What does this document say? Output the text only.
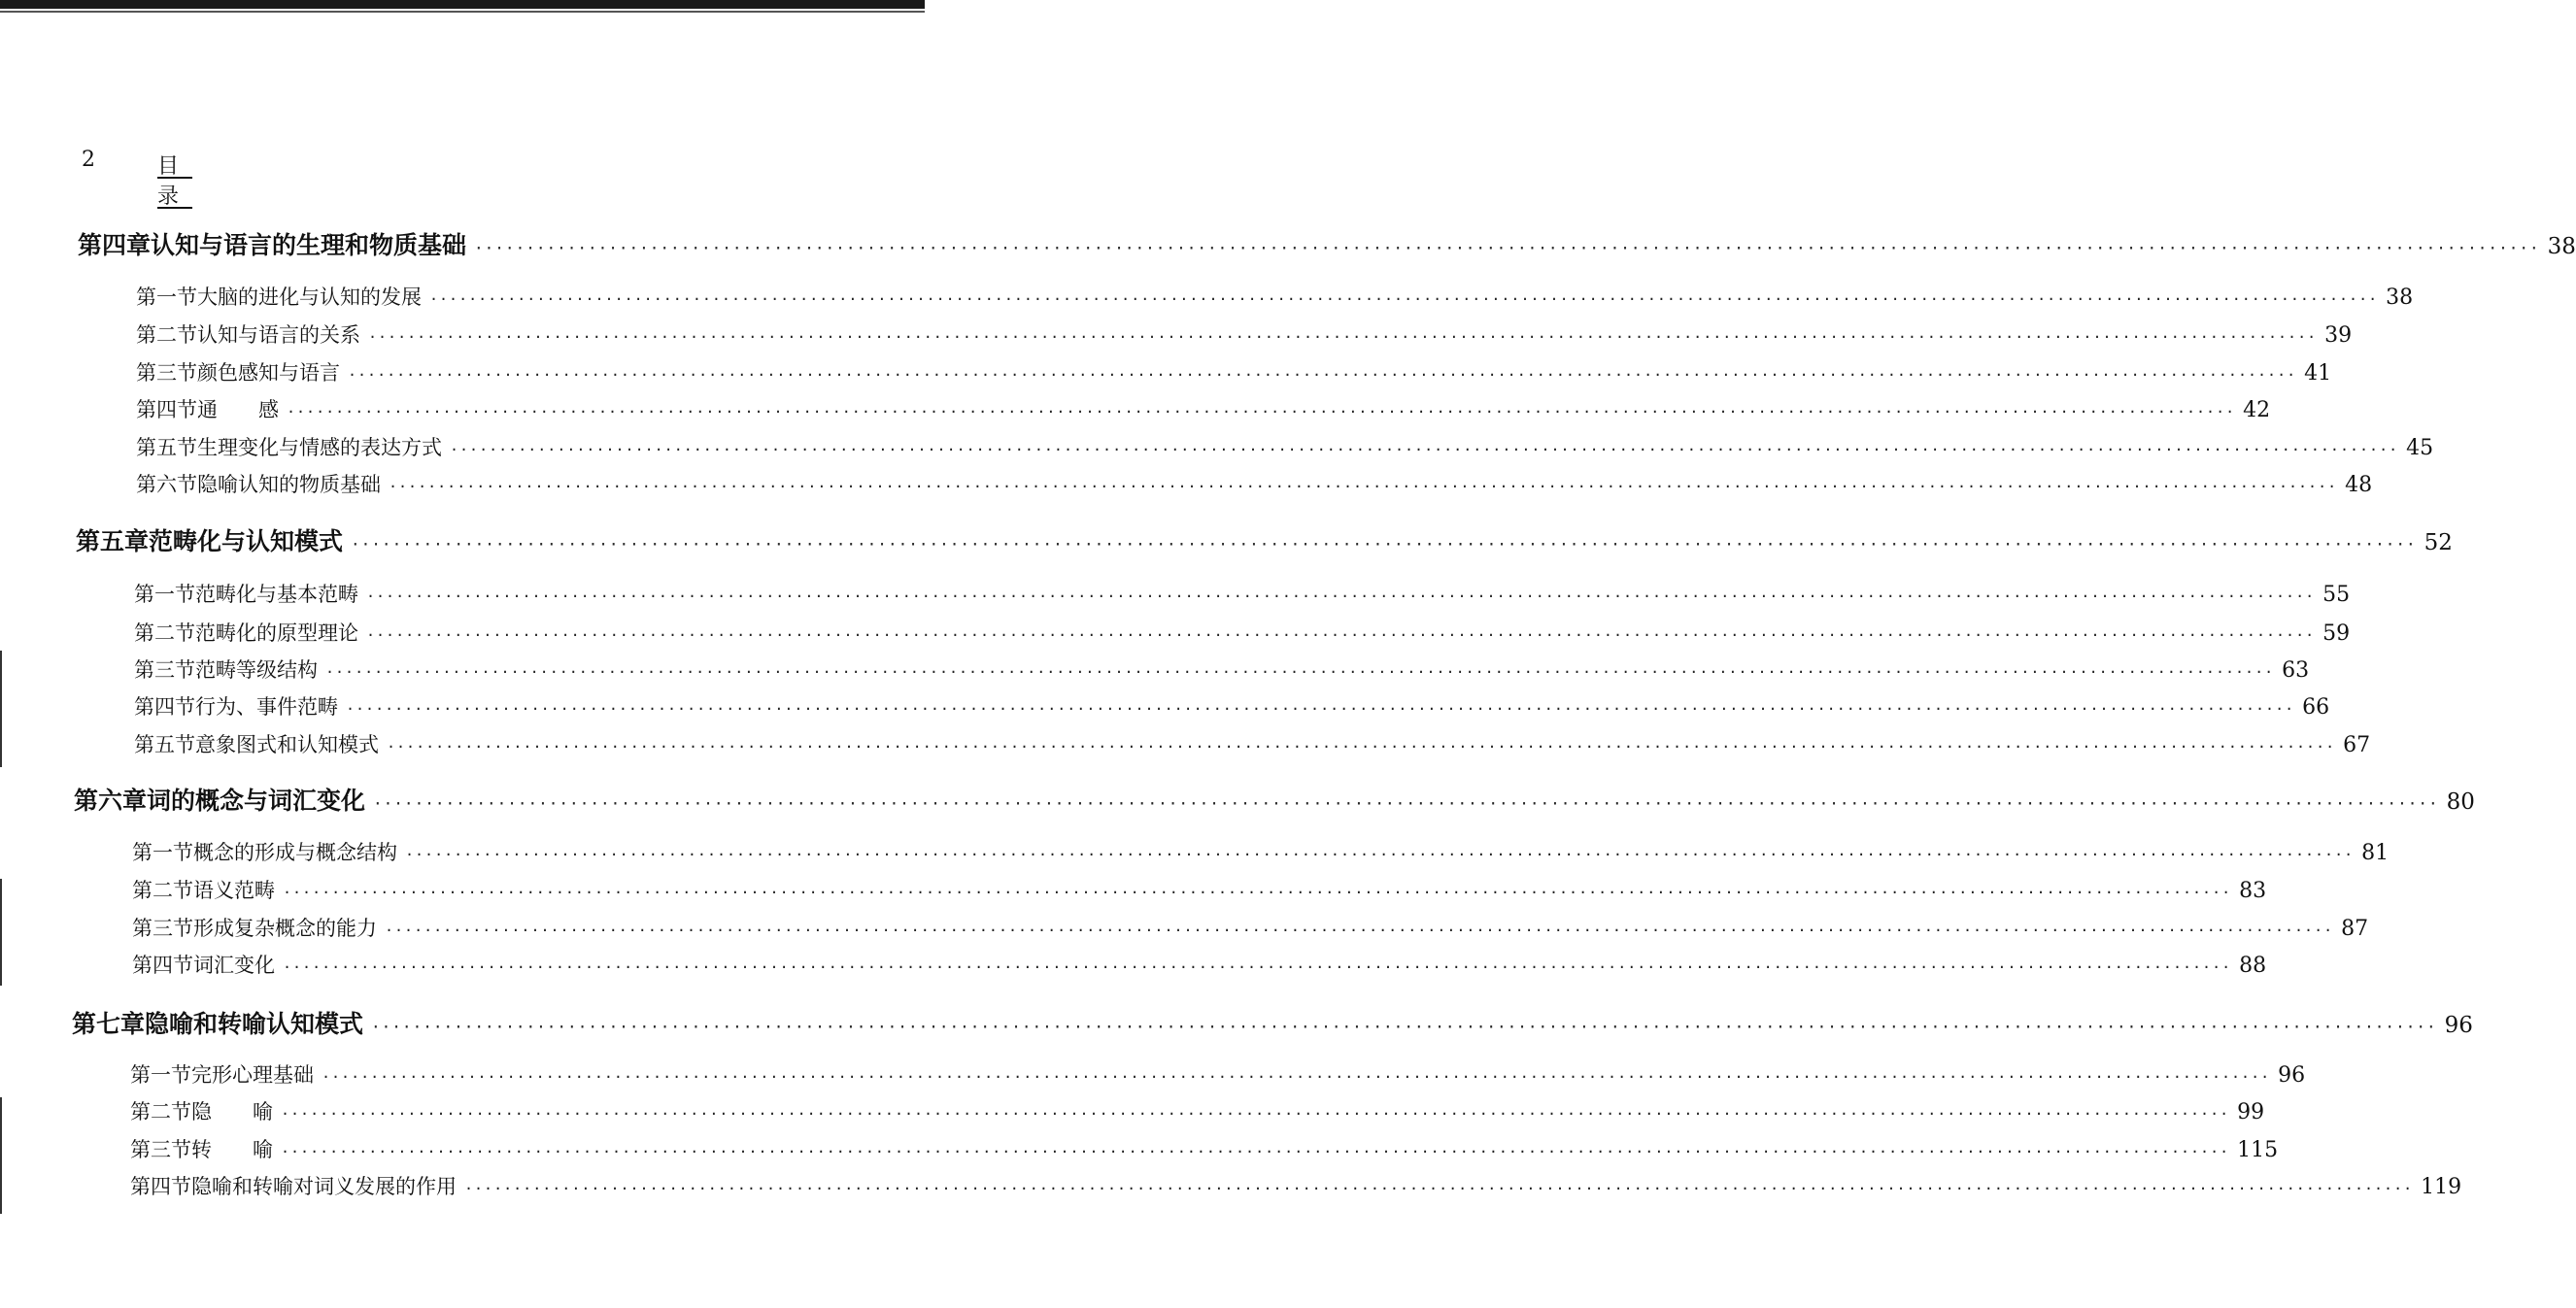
2	目录
第四章 认知与语言的生理和物质基础 ········································································································································································································ 38
第一节 大脑的进化与认知的发展 ········································································································································································································ 38
第二节 认知与语言的关系 ········································································································································································································ 39
第三节 颜色感知与语言 ········································································································································································································ 41
第四节 通　　感 ········································································································································································································ 42
第五节 生理变化与情感的表达方式 ········································································································································································································ 45
第六节 隐喻认知的物质基础 ········································································································································································································ 48
第五章 范畴化与认知模式 ········································································································································································································ 52
第一节 范畴化与基本范畴 ········································································································································································································ 55
第二节 范畴化的原型理论 ········································································································································································································ 59
第三节 范畴等级结构 ········································································································································································································ 63
第四节 行为、事件范畴 ········································································································································································································ 66
第五节 意象图式和认知模式 ········································································································································································································ 67
第六章 词的概念与词汇变化 ········································································································································································································ 80
第一节 概念的形成与概念结构 ········································································································································································································ 81
第二节 语义范畴 ········································································································································································································ 83
第三节 形成复杂概念的能力 ········································································································································································································ 87
第四节 词汇变化 ········································································································································································································ 88
第七章 隐喻和转喻认知模式 ········································································································································································································ 96
第一节 完形心理基础 ········································································································································································································ 96
第二节 隐　　喻 ········································································································································································································ 99
第三节 转　　喻 ········································································································································································································ 115
第四节 隐喻和转喻对词义发展的作用 ········································································································································································································ 119
